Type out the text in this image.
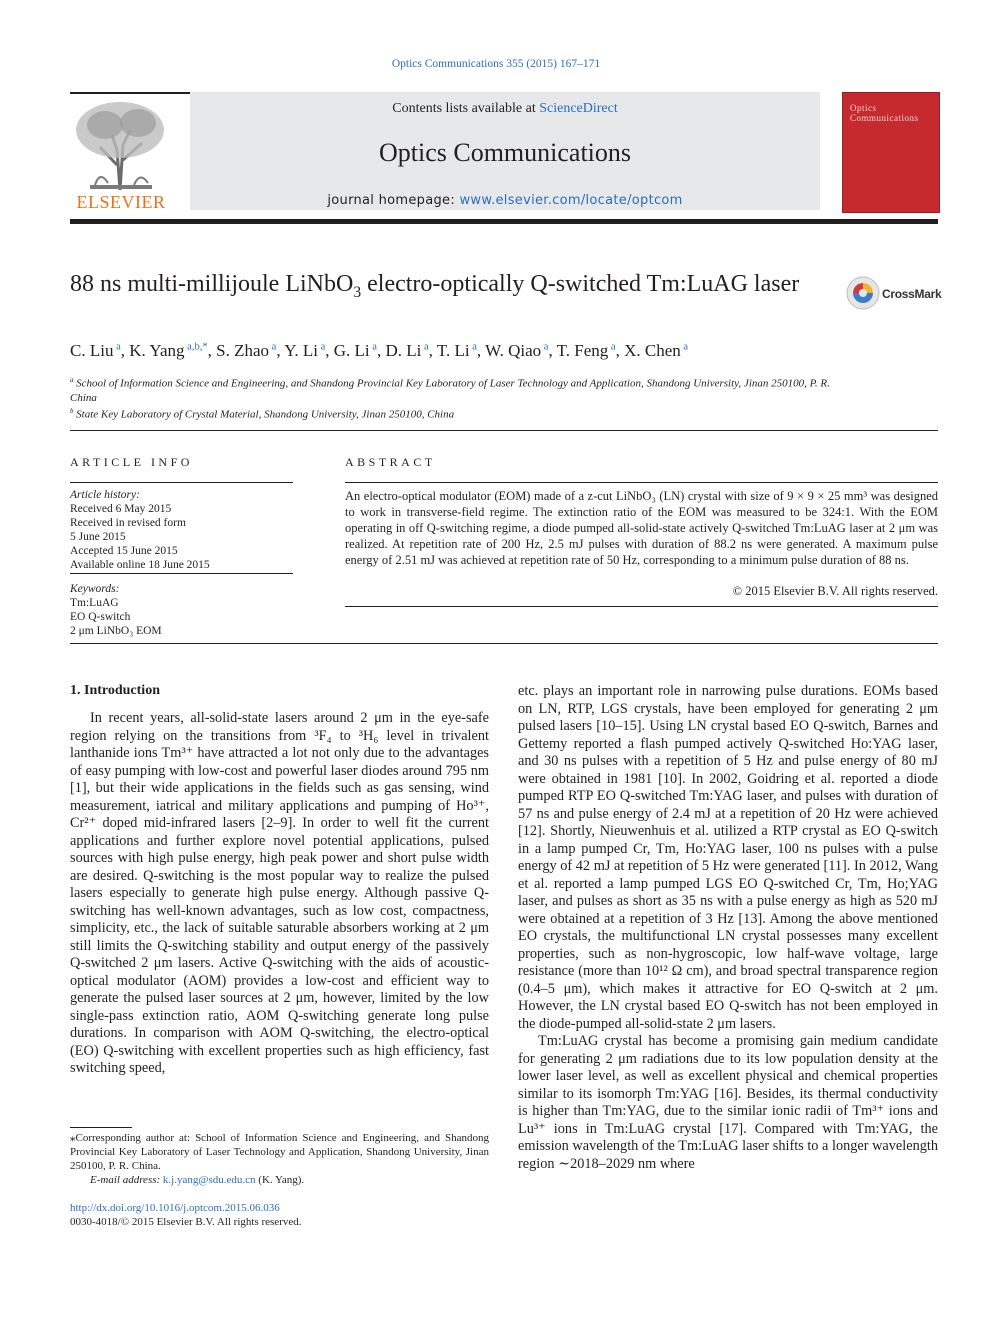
Optics Communications 355 (2015) 167–171
ELSEVIER
Contents lists available at ScienceDirect
Optics Communications
journal homepage: www.elsevier.com/locate/optcom
Optics
Communications
88 ns multi-millijoule LiNbO$_3$ electro-optically Q-switched Tm:LuAG laser	CrossMark
C. Liu $^a$, K. Yang $^{a,b,*}$, S. Zhao $^a$, Y. Li $^a$, G. Li $^a$, D. Li $^a$, T. Li $^a$, W. Qiao $^a$, T. Feng $^a$, X. Chen $^a$
$^a$ School of Information Science and Engineering, and Shandong Provincial Key Laboratory of Laser Technology and Application, Shandong University, Jinan 250100, P. R. China
$^b$ State Key Laboratory of Crystal Material, Shandong University, Jinan 250100, China
ARTICLE INFO
Article history:
Received 6 May 2015
Received in revised form
5 June 2015
Accepted 15 June 2015
Available online 18 June 2015
Keywords:
Tm:LuAG
EO Q-switch
2 μm LiNbO₃ EOM
ABSTRACT
An electro-optical modulator (EOM) made of a z-cut LiNbO₃ (LN) crystal with size of 9 × 9 × 25 mm³ was designed to work in transverse-field regime. The extinction ratio of the EOM was measured to be 324:1. With the EOM operating in off Q-switching regime, a diode pumped all-solid-state actively Q-switched Tm:LuAG laser at 2 μm was realized. At repetition rate of 200 Hz, 2.5 mJ pulses with duration of 88.2 ns were generated. A maximum pulse energy of 2.51 mJ was achieved at repetition rate of 50 Hz, corresponding to a minimum pulse duration of 88 ns.
© 2015 Elsevier B.V. All rights reserved.
1. Introduction

In recent years, all-solid-state lasers around 2 μm in the eye-safe region relying on the transitions from ³F₄ to ³H₆ level in trivalent lanthanide ions Tm³⁺ have attracted a lot not only due to the advantages of easy pumping with low-cost and powerful laser diodes around 795 nm [1], but their wide applications in the fields such as gas sensing, wind measurement, iatrical and military applications and pumping of Ho³⁺, Cr²⁺ doped mid-infrared lasers [2–9]. In order to well fit the current applications and further explore novel potential applications, pulsed sources with high pulse energy, high peak power and short pulse width are desired. Q-switching is the most popular way to realize the pulsed lasers especially to generate high pulse energy. Although passive Q-switching has well-known advantages, such as low cost, compactness, simplicity, etc., the lack of suitable saturable absorbers working at 2 μm still limits the Q-switching stability and output energy of the passively Q-switched 2 μm lasers. Active Q-switching with the aids of acoustic-optical modulator (AOM) provides a low-cost and efficient way to generate the pulsed laser sources at 2 μm, however, limited by the low single-pass extinction ratio, AOM Q-switching generate long pulse durations. In comparison with AOM Q-switching, the electro-optical (EO) Q-switching with excellent properties such as high efficiency, fast switching speed,

etc. plays an important role in narrowing pulse durations. EOMs based on LN, RTP, LGS crystals, have been employed for generating 2 μm pulsed lasers [10–15]. Using LN crystal based EO Q-switch, Barnes and Gettemy reported a flash pumped actively Q-switched Ho:YAG laser, and 30 ns pulses with a repetition of 5 Hz and pulse energy of 80 mJ were obtained in 1981 [10]. In 2002, Goidring et al. reported a diode pumped RTP EO Q-switched Tm:YAG laser, and pulses with duration of 57 ns and pulse energy of 2.4 mJ at a repetition of 20 Hz were achieved [12]. Shortly, Nieuwenhuis et al. utilized a RTP crystal as EO Q-switch in a lamp pumped Cr, Tm, Ho:YAG laser, 100 ns pulses with a pulse energy of 42 mJ at repetition of 5 Hz were generated [11]. In 2012, Wang et al. reported a lamp pumped LGS EO Q-switched Cr, Tm, Ho;YAG laser, and pulses as short as 35 ns with a pulse energy as high as 520 mJ were obtained at a repetition of 3 Hz [13]. Among the above mentioned EO crystals, the multifunctional LN crystal possesses many excellent properties, such as non-hygroscopic, low half-wave voltage, large resistance (more than 10¹² Ω cm), and broad spectral transparence region (0.4–5 μm), which makes it attractive for EO Q-switch at 2 μm. However, the LN crystal based EO Q-switch has not been employed in the diode-pumped all-solid-state 2 μm lasers.

Tm:LuAG crystal has become a promising gain medium candidate for generating 2 μm radiations due to its low population density at the lower laser level, as well as excellent physical and chemical properties similar to its isomorph Tm:YAG [16]. Besides, its thermal conductivity is higher than Tm:YAG, due to the similar ionic radii of Tm³⁺ ions and Lu³⁺ ions in Tm:LuAG crystal [17]. Compared with Tm:YAG, the emission wavelength of the Tm:LuAG laser shifts to a longer wavelength region ∼2018–2029 nm where

⁎Corresponding author at: School of Information Science and Engineering, and Shandong Provincial Key Laboratory of Laser Technology and Application, Shandong University, Jinan 250100, P. R. China.
E-mail address: k.j.yang@sdu.edu.cn (K. Yang).
http://dx.doi.org/10.1016/j.optcom.2015.06.036
0030-4018/© 2015 Elsevier B.V. All rights reserved.
